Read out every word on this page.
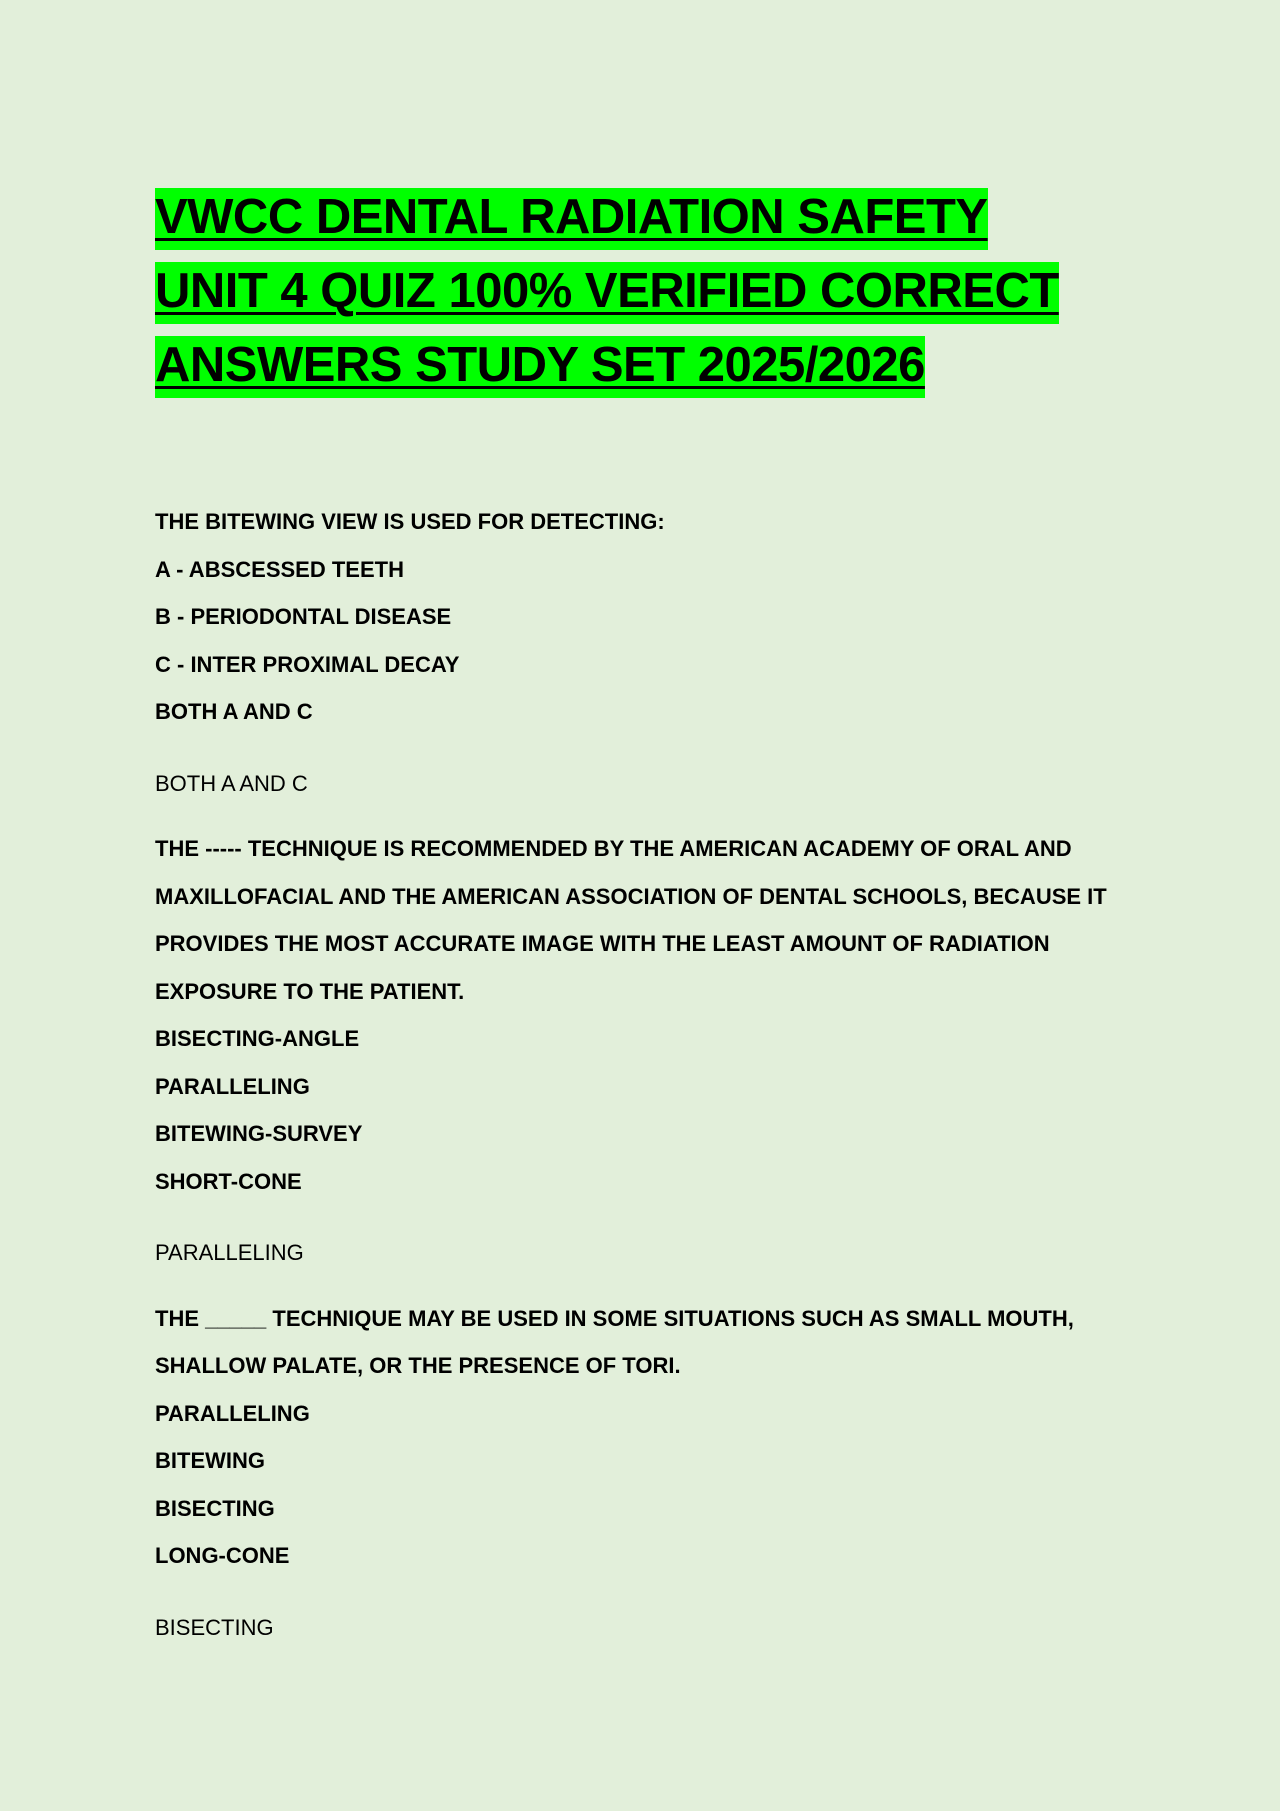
VWCC DENTAL RADIATION SAFETY
UNIT 4 QUIZ 100% VERIFIED CORRECT
ANSWERS STUDY SET 2025/2026
THE BITEWING VIEW IS USED FOR DETECTING:
A - ABSCESSED TEETH
B - PERIODONTAL DISEASE
C - INTER PROXIMAL DECAY
BOTH A AND C
BOTH A AND C
THE ----- TECHNIQUE IS RECOMMENDED BY THE AMERICAN ACADEMY OF ORAL AND
MAXILLOFACIAL AND THE AMERICAN ASSOCIATION OF DENTAL SCHOOLS, BECAUSE IT
PROVIDES THE MOST ACCURATE IMAGE WITH THE LEAST AMOUNT OF RADIATION
EXPOSURE TO THE PATIENT.
BISECTING-ANGLE
PARALLELING
BITEWING-SURVEY
SHORT-CONE
PARALLELING
THE _____ TECHNIQUE MAY BE USED IN SOME SITUATIONS SUCH AS SMALL MOUTH,
SHALLOW PALATE, OR THE PRESENCE OF TORI.
PARALLELING
BITEWING
BISECTING
LONG-CONE
BISECTING
